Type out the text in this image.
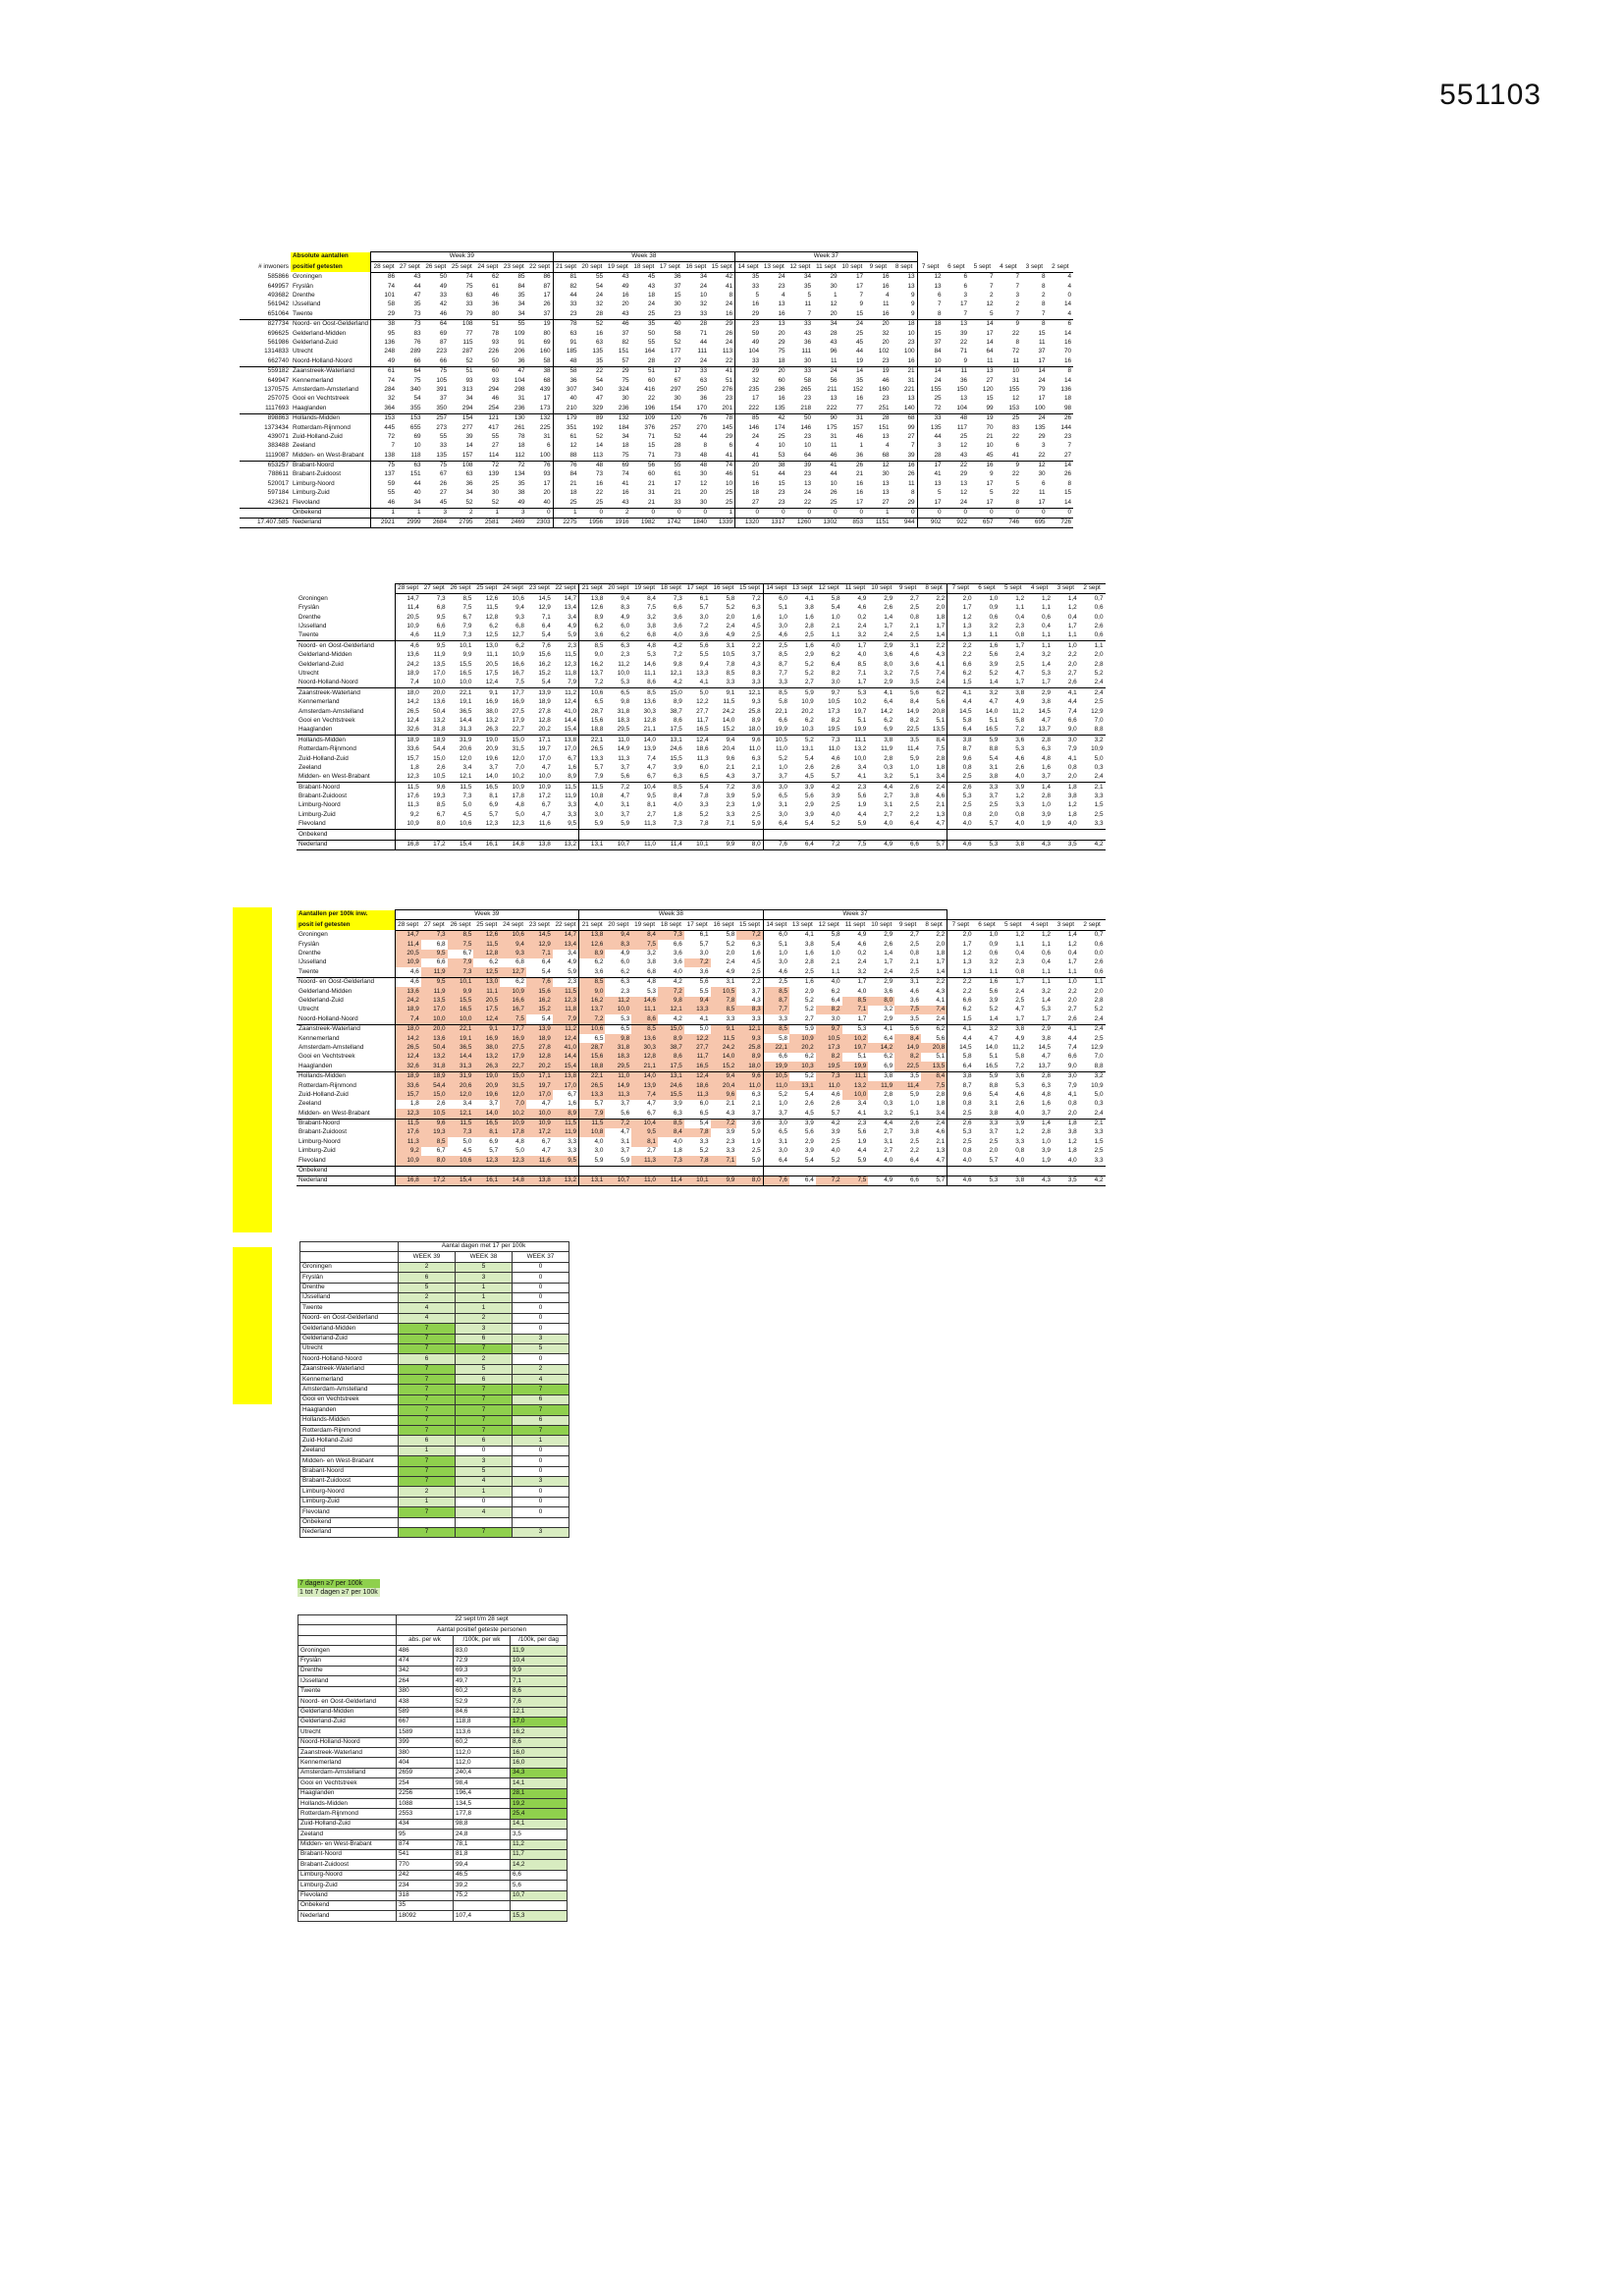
551103
	Absolute aantallen	Week 39							Week 38							Week 37												
# inwoners	positief getesten	28 sept	27 sept	26 sept	25 sept	24 sept	23 sept	22 sept	21 sept	20 sept	19 sept	18 sept	17 sept	16 sept	15 sept	14 sept	13 sept	12 sept	11 sept	10 sept	9 sept	8 sept	7 sept	6 sept	5 sept	4 sept	3 sept	2 sept
585866	Groningen	86	43	50	74	62	85	86	81	55	43	45	36	34	42	35	24	34	29	17	16	13	12	6	7	7	8	4
649957	Fryslân	74	44	49	75	61	84	87	82	54	49	43	37	24	41	33	23	35	30	17	16	13	13	6	7	7	8	4
493682	Drenthe	101	47	33	63	46	35	17	44	24	16	18	15	10	8	5	4	5	1	7	4	9	6	3	2	3	2	0
561942	IJsselland	58	35	42	33	36	34	26	33	32	20	24	30	32	24	16	13	11	12	9	11	9	7	17	12	2	8	14
651064	Twente	29	73	46	79	80	34	37	23	28	43	25	23	33	16	29	16	7	20	15	16	9	8	7	5	7	7	4
827734	Noord- en Oost-Gelderland	38	73	64	108	51	55	19	78	52	46	35	40	28	29	23	13	33	34	24	20	18	18	13	14	9	8	6
696625	Gelderland-Midden	95	83	69	77	78	109	80	63	16	37	50	58	71	26	59	20	43	28	25	32	10	15	39	17	22	15	14
561986	Gelderland-Zuid	136	76	87	115	93	91	69	91	63	82	55	52	44	24	49	29	36	43	45	20	23	37	22	14	8	11	16
1314833	Utrecht	248	289	223	287	226	206	160	185	135	151	164	177	111	113	104	75	111	96	44	102	100	84	71	64	72	37	70
662740	Noord-Holland-Noord	49	66	66	52	50	36	58	48	35	57	28	27	24	22	33	18	30	11	19	23	16	10	9	11	11	17	16
559182	Zaanstreek-Waterland	61	64	75	51	60	47	38	58	22	29	51	17	33	41	29	20	33	24	14	19	21	14	11	13	10	14	8
649947	Kennemerland	74	75	105	93	93	104	68	36	54	75	60	67	63	51	32	60	58	56	35	46	31	24	36	27	31	24	14
1370575	Amsterdam-Amsterland	284	340	391	313	294	298	439	307	340	324	416	297	250	276	235	236	265	211	152	160	221	155	150	120	155	79	136
257075	Gooi en Vechtstreek	32	54	37	34	46	31	17	40	47	30	22	30	36	23	17	16	23	13	16	23	13	25	13	15	12	17	18
1117693	Haaglanden	364	355	350	294	254	236	173	210	329	236	196	154	170	201	222	135	218	222	77	251	140	72	104	99	153	100	98
898863	Hollands-Midden	153	153	257	154	121	130	132	179	89	132	109	120	76	78	85	42	50	90	31	28	68	33	48	19	25	24	26
1373434	Rotterdam-Rijnmond	445	655	273	277	417	261	225	351	192	184	376	257	270	145	146	174	146	175	157	151	99	135	117	70	83	135	144
439071	Zuid-Holland-Zuid	72	69	55	39	55	78	31	61	52	34	71	52	44	29	24	25	23	31	46	13	27	44	25	21	22	29	23
383488	Zeeland	7	10	33	14	27	18	6	12	14	18	15	28	8	6	4	10	10	11	1	4	7	3	12	10	6	3	7
1119087	Midden- en West-Brabant	138	118	135	157	114	112	100	88	113	75	71	73	48	41	41	53	64	46	36	68	39	28	43	45	41	22	27
653257	Brabant-Noord	75	63	75	108	72	72	76	76	48	69	56	55	48	74	20	38	39	41	26	12	16	17	22	16	9	12	14
788611	Brabant-Zuidoost	137	151	67	63	139	134	93	84	73	74	60	61	30	46	51	44	23	44	21	30	26	41	29	9	22	30	26
520017	Limburg-Noord	59	44	26	36	25	35	17	21	16	41	21	17	12	10	16	15	13	10	16	13	11	13	13	17	5	6	8
597184	Limburg-Zuid	55	40	27	34	30	38	20	18	22	16	31	21	20	25	18	23	24	26	16	13	8	5	12	5	22	11	15
423621	Flevoland	46	34	45	52	52	49	40	25	25	43	21	33	30	25	27	23	22	25	17	27	29	17	24	17	8	17	14
	Onbekend	1	1	3	2	1	3	0	1	0	2	0	0	0	1	0	0	0	0	0	1	0	0	0	0	0	0	0
17.407.585	Nederland	2921	2999	2684	2795	2581	2469	2303	2275	1956	1916	1982	1742	1840	1339	1320	1317	1260	1302	853	1151	944	902	922	657	746	695	726
	28 sept	27 sept	26 sept	25 sept	24 sept	23 sept	22 sept	21 sept	20 sept	19 sept	18 sept	17 sept	16 sept	15 sept	14 sept	13 sept	12 sept	11 sept	10 sept	9 sept	8 sept	7 sept	6 sept	5 sept	4 sept	3 sept	2 sept
Groningen	14,7	7,3	8,5	12,6	10,6	14,5	14,7	13,8	9,4	8,4	7,3	6,1	5,8	7,2	6,0	4,1	5,8	4,9	2,9	2,7	2,2	2,0	1,0	1,2	1,2	1,4	0,7
Fryslân	11,4	6,8	7,5	11,5	9,4	12,9	13,4	12,6	8,3	7,5	6,6	5,7	5,2	6,3	5,1	3,8	5,4	4,6	2,6	2,5	2,0	1,7	0,9	1,1	1,1	1,2	0,6
Drenthe	20,5	9,5	6,7	12,8	9,3	7,1	3,4	8,9	4,9	3,2	3,6	3,0	2,0	1,6	1,0	1,6	1,0	0,2	1,4	0,8	1,8	1,2	0,6	0,4	0,6	0,4	0,0
IJsselland	10,9	6,6	7,9	6,2	6,8	6,4	4,9	6,2	6,0	3,8	3,6	7,2	2,4	4,5	3,0	2,8	2,1	2,4	1,7	2,1	1,7	1,3	3,2	2,3	0,4	1,7	2,6
Twente	4,6	11,9	7,3	12,5	12,7	5,4	5,9	3,6	6,2	6,8	4,0	3,6	4,9	2,5	4,6	2,5	1,1	3,2	2,4	2,5	1,4	1,3	1,1	0,8	1,1	1,1	0,6
Noord- en Oost-Gelderland	4,6	9,5	10,1	13,0	6,2	7,6	2,3	8,5	6,3	4,8	4,2	5,6	3,1	2,2	2,5	1,6	4,0	1,7	2,9	3,1	2,2	2,2	1,6	1,7	1,1	1,0	1,1
Gelderland-Midden	13,6	11,9	9,9	11,1	10,9	15,6	11,5	9,0	2,3	5,3	7,2	5,5	10,5	3,7	8,5	2,9	6,2	4,0	3,6	4,6	4,3	2,2	5,6	2,4	3,2	2,2	2,0
Gelderland-Zuid	24,2	13,5	15,5	20,5	16,6	16,2	12,3	16,2	11,2	14,6	9,8	9,4	7,8	4,3	8,7	5,2	6,4	8,5	8,0	3,6	4,1	6,6	3,9	2,5	1,4	2,0	2,8
Utrecht	18,9	17,0	16,5	17,5	16,7	15,2	11,8	13,7	10,0	11,1	12,1	13,3	8,5	8,3	7,7	5,2	8,2	7,1	3,2	7,5	7,4	6,2	5,2	4,7	5,3	2,7	5,2
Noord-Holland-Noord	7,4	10,0	10,0	12,4	7,5	5,4	7,9	7,2	5,3	8,6	4,2	4,1	3,3	3,3	3,3	2,7	3,0	1,7	2,9	3,5	2,4	1,5	1,4	1,7	1,7	2,6	2,4
Zaanstreek-Waterland	18,0	20,0	22,1	9,1	17,7	13,9	11,2	10,6	6,5	8,5	15,0	5,0	9,1	12,1	8,5	5,9	9,7	5,3	4,1	5,6	6,2	4,1	3,2	3,8	2,9	4,1	2,4
Kennemerland	14,2	13,6	19,1	16,9	16,9	18,9	12,4	6,5	9,8	13,6	8,9	12,2	11,5	9,3	5,8	10,9	10,5	10,2	6,4	8,4	5,6	4,4	4,7	4,9	3,8	4,4	2,5
Amsterdam-Amstelland	26,5	50,4	36,5	38,0	27,5	27,8	41,0	28,7	31,8	30,3	38,7	27,7	24,2	25,8	22,1	20,2	17,3	19,7	14,2	14,9	20,8	14,5	14,0	11,2	14,5	7,4	12,9
Gooi en Vechtstreek	12,4	13,2	14,4	13,2	17,9	12,8	14,4	15,6	18,3	12,8	8,6	11,7	14,0	8,9	6,6	6,2	8,2	5,1	6,2	8,2	5,1	5,8	5,1	5,8	4,7	6,6	7,0
Haaglanden	32,6	31,8	31,3	26,3	22,7	20,2	15,4	18,8	29,5	21,1	17,5	16,5	15,2	18,0	19,9	10,3	19,5	19,9	6,9	22,5	13,5	6,4	16,5	7,2	13,7	9,0	8,8
Hollands-Midden	18,9	18,9	31,9	19,0	15,0	17,1	13,8	22,1	11,0	14,0	13,1	12,4	9,4	9,6	10,5	5,2	7,3	11,1	3,8	3,5	8,4	3,8	5,9	3,6	2,8	3,0	3,2
Rotterdam-Rijnmond	33,6	54,4	20,6	20,9	31,5	19,7	17,0	26,5	14,9	13,9	24,6	18,6	20,4	11,0	11,0	13,1	11,0	13,2	11,9	11,4	7,5	8,7	8,8	5,3	6,3	7,9	10,9
Zuid-Holland-Zuid	15,7	15,0	12,0	19,6	12,0	17,0	6,7	13,3	11,3	7,4	15,5	11,3	9,6	6,3	5,2	5,4	4,6	10,0	2,8	5,9	2,8	9,6	5,4	4,6	4,8	4,1	5,0
Zeeland	1,8	2,6	3,4	3,7	7,0	4,7	1,6	5,7	3,7	4,7	3,9	6,0	2,1	2,1	1,0	2,6	2,6	3,4	0,3	1,0	1,8	0,8	3,1	2,6	1,6	0,8	0,3
Midden- en West-Brabant	12,3	10,5	12,1	14,0	10,2	10,0	8,9	7,9	5,6	6,7	6,3	6,5	4,3	3,7	3,7	4,5	5,7	4,1	3,2	5,1	3,4	2,5	3,8	4,0	3,7	2,0	2,4
Brabant-Noord	11,5	9,6	11,5	16,5	10,9	10,9	11,5	11,5	7,2	10,4	8,5	5,4	7,2	3,6	3,0	3,9	4,2	2,3	4,4	2,6	2,4	2,6	3,3	3,9	1,4	1,8	2,1
Brabant-Zuidoost	17,6	19,3	7,3	8,1	17,8	17,2	11,9	10,8	4,7	9,5	8,4	7,8	3,9	5,9	6,5	5,6	3,9	5,6	2,7	3,8	4,6	5,3	3,7	1,2	2,8	3,8	3,3
Limburg-Noord	11,3	8,5	5,0	6,9	4,8	6,7	3,3	4,0	3,1	8,1	4,0	3,3	2,3	1,9	3,1	2,9	2,5	1,9	3,1	2,5	2,1	2,5	2,5	3,3	1,0	1,2	1,5
Limburg-Zuid	9,2	6,7	4,5	5,7	5,0	4,7	3,3	3,0	3,7	2,7	1,8	5,2	3,3	2,5	3,0	3,9	4,0	4,4	2,7	2,2	1,3	0,8	2,0	0,8	3,9	1,8	2,5
Flevoland	10,9	8,0	10,6	12,3	12,3	11,6	9,5	5,9	5,9	11,3	7,3	7,8	7,1	5,9	6,4	5,4	5,2	5,9	4,0	6,4	4,7	4,0	5,7	4,0	1,9	4,0	3,3
Onbekend																											
Nederland	16,8	17,2	15,4	16,1	14,8	13,8	13,2	13,1	10,7	11,0	11,4	10,1	9,9	8,0	7,6	6,4	7,2	7,5	4,9	6,6	5,7	4,6	5,3	3,8	4,3	3,5	4,2
Aantallen per 100k inw.	Week 39							Week 38							Week 37												
posit ief getesten	28 sept	27 sept	26 sept	25 sept	24 sept	23 sept	22 sept	21 sept	20 sept	19 sept	18 sept	17 sept	16 sept	15 sept	14 sept	13 sept	12 sept	11 sept	10 sept	9 sept	8 sept	7 sept	6 sept	5 sept	4 sept	3 sept	2 sept
Groningen	14,7	7,3	8,5	12,6	10,6	14,5	14,7	13,8	9,4	8,4	7,3	6,1	5,8	7,2	6,0	4,1	5,8	4,9	2,9	2,7	2,2	2,0	1,0	1,2	1,2	1,4	0,7
Fryslân	11,4	6,8	7,5	11,5	9,4	12,9	13,4	12,6	8,3	7,5	6,6	5,7	5,2	6,3	5,1	3,8	5,4	4,6	2,6	2,5	2,0	1,7	0,9	1,1	1,1	1,2	0,6
Drenthe	20,5	9,5	6,7	12,8	9,3	7,1	3,4	8,9	4,9	3,2	3,6	3,0	2,0	1,6	1,0	1,6	1,0	0,2	1,4	0,8	1,8	1,2	0,6	0,4	0,6	0,4	0,0
IJsselland	10,9	6,6	7,9	6,2	6,8	6,4	4,9	6,2	6,0	3,8	3,6	7,2	2,4	4,5	3,0	2,8	2,1	2,4	1,7	2,1	1,7	1,3	3,2	2,3	0,4	1,7	2,6
Twente	4,6	11,9	7,3	12,5	12,7	5,4	5,9	3,6	6,2	6,8	4,0	3,6	4,9	2,5	4,6	2,5	1,1	3,2	2,4	2,5	1,4	1,3	1,1	0,8	1,1	1,1	0,6
Noord- en Oost-Gelderland	4,6	9,5	10,1	13,0	6,2	7,6	2,3	8,5	6,3	4,8	4,2	5,6	3,1	2,2	2,5	1,6	4,0	1,7	2,9	3,1	2,2	2,2	1,6	1,7	1,1	1,0	1,1
Gelderland-Midden	13,6	11,9	9,9	11,1	10,9	15,6	11,5	9,0	2,3	5,3	7,2	5,5	10,5	3,7	8,5	2,9	6,2	4,0	3,6	4,6	4,3	2,2	5,6	2,4	3,2	2,2	2,0
Gelderland-Zuid	24,2	13,5	15,5	20,5	16,6	16,2	12,3	16,2	11,2	14,6	9,8	9,4	7,8	4,3	8,7	5,2	6,4	8,5	8,0	3,6	4,1	6,6	3,9	2,5	1,4	2,0	2,8
Utrecht	18,9	17,0	16,5	17,5	16,7	15,2	11,8	13,7	10,0	11,1	12,1	13,3	8,5	8,3	7,7	5,2	8,2	7,1	3,2	7,5	7,4	6,2	5,2	4,7	5,3	2,7	5,2
Noord-Holland-Noord	7,4	10,0	10,0	12,4	7,5	5,4	7,9	7,2	5,3	8,6	4,2	4,1	3,3	3,3	3,3	2,7	3,0	1,7	2,9	3,5	2,4	1,5	1,4	1,7	1,7	2,6	2,4
Zaanstreek-Waterland	18,0	20,0	22,1	9,1	17,7	13,9	11,2	10,6	6,5	8,5	15,0	5,0	9,1	12,1	8,5	5,9	9,7	5,3	4,1	5,6	6,2	4,1	3,2	3,8	2,9	4,1	2,4
Kennemerland	14,2	13,6	19,1	16,9	16,9	18,9	12,4	6,5	9,8	13,6	8,9	12,2	11,5	9,3	5,8	10,9	10,5	10,2	6,4	8,4	5,6	4,4	4,7	4,9	3,8	4,4	2,5
Amsterdam-Amstelland	26,5	50,4	36,5	38,0	27,5	27,8	41,0	28,7	31,8	30,3	38,7	27,7	24,2	25,8	22,1	20,2	17,3	19,7	14,2	14,9	20,8	14,5	14,0	11,2	14,5	7,4	12,9
Gooi en Vechtstreek	12,4	13,2	14,4	13,2	17,9	12,8	14,4	15,6	18,3	12,8	8,6	11,7	14,0	8,9	6,6	6,2	8,2	5,1	6,2	8,2	5,1	5,8	5,1	5,8	4,7	6,6	7,0
Haaglanden	32,6	31,8	31,3	26,3	22,7	20,2	15,4	18,8	29,5	21,1	17,5	16,5	15,2	18,0	19,9	10,3	19,5	19,9	6,9	22,5	13,5	6,4	16,5	7,2	13,7	9,0	8,8
Hollands-Midden	18,9	18,9	31,9	19,0	15,0	17,1	13,8	22,1	11,0	14,0	13,1	12,4	9,4	9,6	10,5	5,2	7,3	11,1	3,8	3,5	8,4	3,8	5,9	3,6	2,8	3,0	3,2
Rotterdam-Rijnmond	33,6	54,4	20,6	20,9	31,5	19,7	17,0	26,5	14,9	13,9	24,6	18,6	20,4	11,0	11,0	13,1	11,0	13,2	11,9	11,4	7,5	8,7	8,8	5,3	6,3	7,9	10,9
Zuid-Holland-Zuid	15,7	15,0	12,0	19,6	12,0	17,0	6,7	13,3	11,3	7,4	15,5	11,3	9,6	6,3	5,2	5,4	4,6	10,0	2,8	5,9	2,8	9,6	5,4	4,6	4,8	4,1	5,0
Zeeland	1,8	2,6	3,4	3,7	7,0	4,7	1,6	5,7	3,7	4,7	3,9	6,0	2,1	2,1	1,0	2,6	2,6	3,4	0,3	1,0	1,8	0,8	3,1	2,6	1,6	0,8	0,3
Midden- en West-Brabant	12,3	10,5	12,1	14,0	10,2	10,0	8,9	7,9	5,6	6,7	6,3	6,5	4,3	3,7	3,7	4,5	5,7	4,1	3,2	5,1	3,4	2,5	3,8	4,0	3,7	2,0	2,4
Brabant-Noord	11,5	9,6	11,5	16,5	10,9	10,9	11,5	11,5	7,2	10,4	8,5	5,4	7,2	3,6	3,0	3,9	4,2	2,3	4,4	2,6	2,4	2,6	3,3	3,9	1,4	1,8	2,1
Brabant-Zuidoost	17,6	19,3	7,3	8,1	17,8	17,2	11,9	10,8	4,7	9,5	8,4	7,8	3,9	5,9	6,5	5,6	3,9	5,6	2,7	3,8	4,6	5,3	3,7	1,2	2,8	3,8	3,3
Limburg-Noord	11,3	8,5	5,0	6,9	4,8	6,7	3,3	4,0	3,1	8,1	4,0	3,3	2,3	1,9	3,1	2,9	2,5	1,9	3,1	2,5	2,1	2,5	2,5	3,3	1,0	1,2	1,5
Limburg-Zuid	9,2	6,7	4,5	5,7	5,0	4,7	3,3	3,0	3,7	2,7	1,8	5,2	3,3	2,5	3,0	3,9	4,0	4,4	2,7	2,2	1,3	0,8	2,0	0,8	3,9	1,8	2,5
Flevoland	10,9	8,0	10,6	12,3	12,3	11,6	9,5	5,9	5,9	11,3	7,3	7,8	7,1	5,9	6,4	5,4	5,2	5,9	4,0	6,4	4,7	4,0	5,7	4,0	1,9	4,0	3,3
Onbekend																											
Nederland	16,8	17,2	15,4	16,1	14,8	13,8	13,2	13,1	10,7	11,0	11,4	10,1	9,9	8,0	7,6	6,4	7,2	7,5	4,9	6,6	5,7	4,6	5,3	3,8	4,3	3,5	4,2
	Aantal dagen met 17 per 100k		
	WEEK 39	WEEK 38	WEEK 37
Groningen	2	5	0
Fryslân	6	3	0
Drenthe	5	1	0
IJsselland	2	1	0
Twente	4	1	0
Noord- en Oost-Gelderland	4	2	0
Gelderland-Midden	7	3	0
Gelderland-Zuid	7	6	3
Utrecht	7	7	5
Noord-Holland-Noord	6	2	0
Zaanstreek-Waterland	7	5	2
Kennemerland	7	6	4
Amsterdam-Amstelland	7	7	7
Gooi en Vechtstreek	7	7	6
Haaglanden	7	7	7
Hollands-Midden	7	7	6
Rotterdam-Rijnmond	7	7	7
Zuid-Holland-Zuid	6	6	1
Zeeland	1	0	0
Midden- en West-Brabant	7	3	0
Brabant-Noord	7	5	0
Brabant-Zuidoost	7	4	3
Limburg-Noord	2	1	0
Limburg-Zuid	1	0	0
Flevoland	7	4	0
Onbekend			
Nederland	7	7	3
7 dagen ≥7 per 100k
1 tot 7 dagen ≥7 per 100k
	22 sept t/m 28 sept		
	Aantal positief geteste personen		
	abs. per wk	/100k, per wk	/100k, per dag
Groningen	486	83,0	11,9
Fryslân	474	72,9	10,4
Drenthe	342	69,3	9,9
IJsselland	264	49,7	7,1
Twente	380	60,2	8,6
Noord- en Oost-Gelderland	438	52,9	7,6
Gelderland-Midden	589	84,6	12,1
Gelderland-Zuid	667	118,8	17,0
Utrecht	1589	113,6	16,2
Noord-Holland-Noord	399	60,2	8,6
Zaanstreek-Waterland	380	112,0	16,0
Kennemerland	404	112,0	16,0
Amsterdam-Amstelland	2659	240,4	34,3
Gooi en Vechtstreek	254	98,4	14,1
Haaglanden	2256	196,4	28,1
Hollands-Midden	1088	134,5	19,2
Rotterdam-Rijnmond	2553	177,8	25,4
Zuid-Holland-Zuid	434	98,8	14,1
Zeeland	95	24,8	3,5
Midden- en West-Brabant	874	78,1	11,2
Brabant-Noord	541	81,8	11,7
Brabant-Zuidoost	770	99,4	14,2
Limburg-Noord	242	46,5	6,6
Limburg-Zuid	234	39,2	5,6
Flevoland	318	75,2	10,7
Onbekend	35		
Nederland	18092	107,4	15,3
